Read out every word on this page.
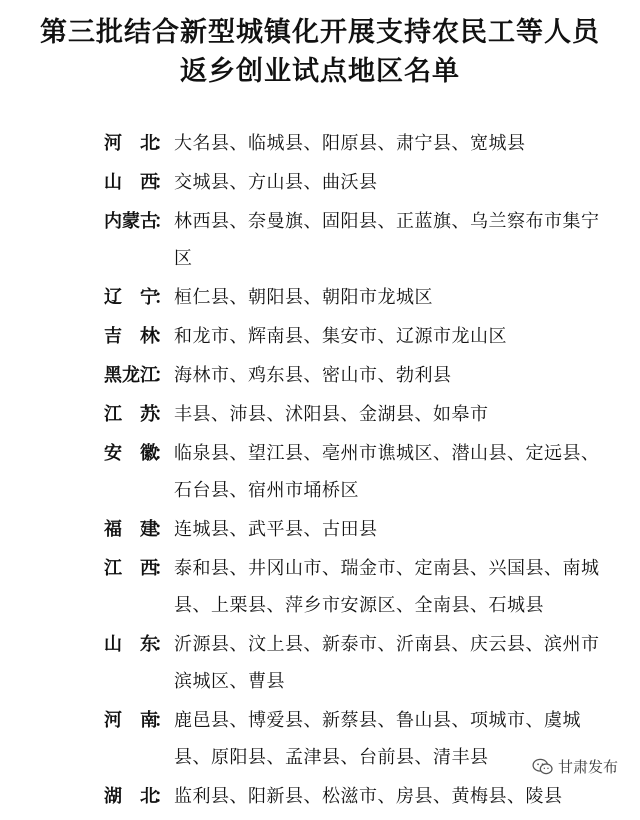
第三批结合新型城镇化开展支持农民工等人员
返乡创业试点地区名单
河 北
： 大名县、临城县、阳原县、肃宁县、宽城县
山 西
： 交城县、方山县、曲沃县
内 蒙 古
： 林西县、奈曼旗、固阳县、正蓝旗、乌兰察布市集宁区
辽 宁
： 桓仁县、朝阳县、朝阳市龙城区
吉 林
： 和龙市、辉南县、集安市、辽源市龙山区
黑 龙 江
： 海林市、鸡东县、密山市、勃利县
江 苏
： 丰县、沛县、沭阳县、金湖县、如皋市
安 徽
： 临泉县、望江县、亳州市谯城区、潜山县、定远县、石台县、宿州市埇桥区
福 建
： 连城县、武平县、古田县
江 西
： 泰和县、井冈山市、瑞金市、定南县、兴国县、南城县、上栗县、萍乡市安源区、全南县、石城县
山 东
： 沂源县、汶上县、新泰市、沂南县、庆云县、滨州市滨城区、曹县
河 南
： 鹿邑县、博爱县、新蔡县、鲁山县、项城市、虞城县、原阳县、孟津县、台前县、清丰县
湖 北
： 监利县、阳新县、松滋市、房县、黄梅县、陵县
甘肃发布
